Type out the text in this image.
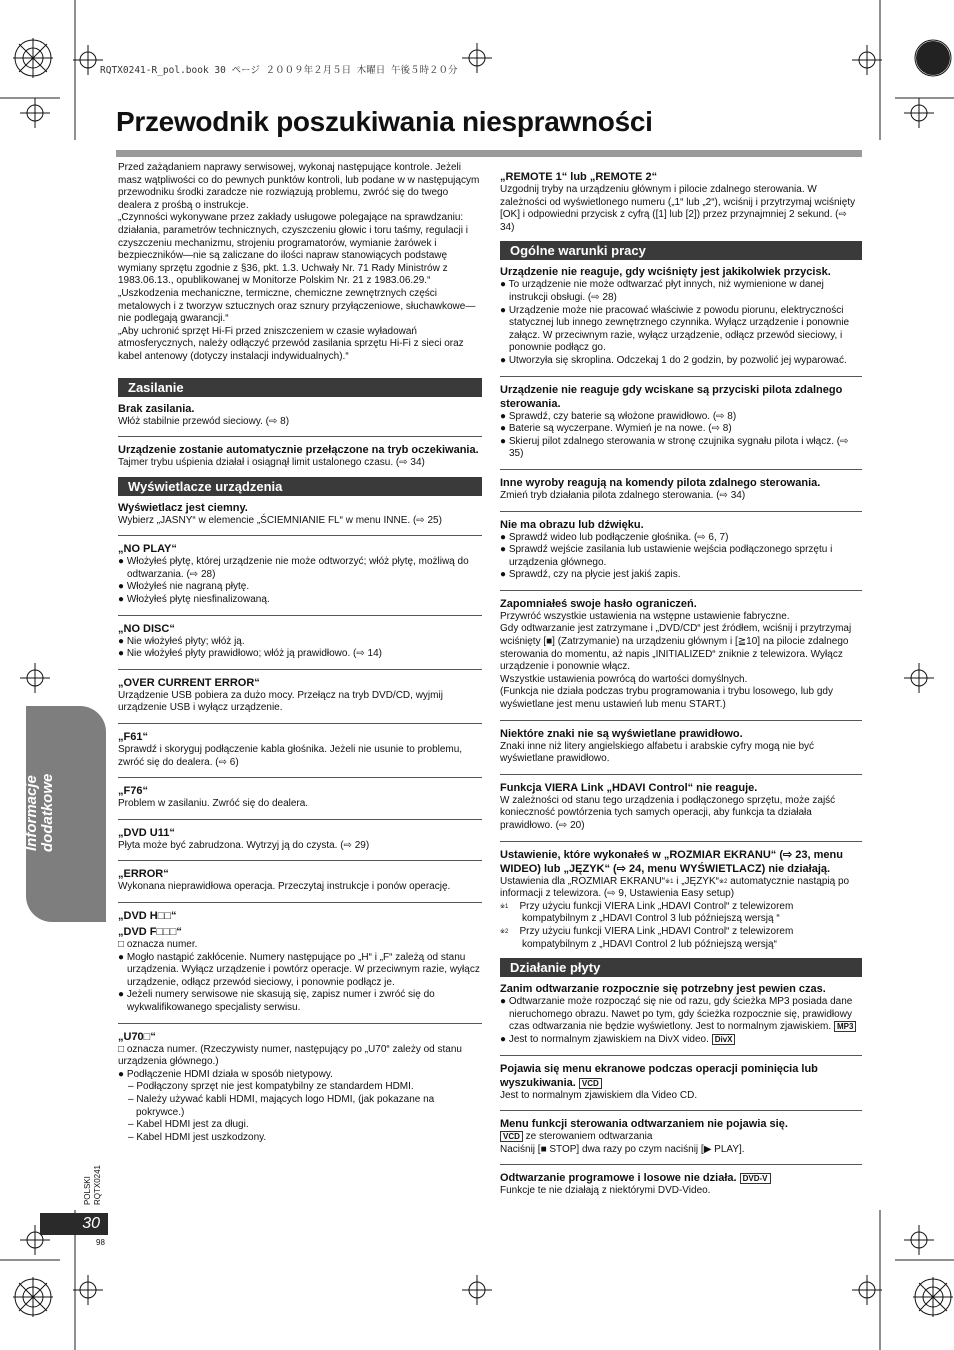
RQTX0241-R_pol.book 30 ページ ２００９年２月５日 木曜日 午後５時２０分
Przewodnik poszukiwania niesprawności
Informacje dodatkowe
POLSKI
RQTX0241
30
98

Przed zażądaniem naprawy serwisowej, wykonaj następujące kontrole. Jeżeli masz wątpliwości co do pewnych punktów kontroli, lub podane w w następującym przewodniku środki zaradcze nie rozwiązują problemu, zwróć się do twego dealera z prośbą o instrukcje.

„Czynności wykonywane przez zakłady usługowe polegające na sprawdzaniu: działania, parametrów technicznych, czyszczeniu głowic i toru taśmy, regulacji i czyszczeniu mechanizmu, strojeniu programatorów, wymianie żarówek i bezpieczników—nie są zaliczane do ilości napraw stanowiących podstawę wymiany sprzętu zgodnie z §36, pkt. 1.3. Uchwały Nr. 71 Rady Ministrów z 1983.06.13., opublikowanej w Monitorze Polskim Nr. 21 z 1983.06.29.“

„Uszkodzenia mechaniczne, termiczne, chemiczne zewnętrznych części metalowych i z tworzyw sztucznych oraz sznury przyłączeniowe, słuchawkowe—nie podlegają gwarancji.“

„Aby uchronić sprzęt Hi-Fi przed zniszczeniem w czasie wyładowań atmosferycznych, należy odłączyć przewód zasilania sprzętu Hi-Fi z sieci oraz kabel antenowy (dotyczy instalacji indywidualnych).“

Zasilanie
Brak zasilania.

Włóż stabilnie przewód sieciowy. (⇨ 8)

Urządzenie zostanie automatycznie przełączone na tryb oczekiwania.

Tajmer trybu uśpienia działał i osiągnął limit ustalonego czasu. (⇨ 34)

Wyświetlacze urządzenia
Wyświetlacz jest ciemny.

Wybierz „JASNY“ w elemencie „ŚCIEMNIANIE FL“ w menu INNE. (⇨ 25)

„NO PLAY“

● Włożyłeś płytę, której urządzenie nie może odtworzyć; włóż płytę, możliwą do odtwarzania. (⇨ 28)

● Włożyłeś nie nagraną płytę.

● Włożyłeś płytę niesfinalizowaną.

„NO DISC“

● Nie włożyłeś płyty; włóż ją.

● Nie włożyłeś płyty prawidłowo; włóż ją prawidłowo. (⇨ 14)

„OVER CURRENT ERROR“

Urządzenie USB pobiera za dużo mocy. Przełącz na tryb DVD/CD, wyjmij urządzenie USB i wyłącz urządzenie.

„F61“

Sprawdź i skoryguj podłączenie kabla głośnika. Jeżeli nie usunie to problemu, zwróć się do dealera. (⇨ 6)

„F76“

Problem w zasilaniu. Zwróć się do dealera.

„DVD U11“

Płyta może być zabrudzona. Wytrzyj ją do czysta. (⇨ 29)

„ERROR“

Wykonana nieprawidłowa operacja. Przeczytaj instrukcje i ponów operację.

„DVD H□□“
„DVD F□□□“

□ oznacza numer.

● Mogło nastąpić zakłócenie. Numery następujące po „H“ i „F“ zależą od stanu urządzenia. Wyłącz urządzenie i powtórz operacje. W przeciwnym razie, wyłącz urządzenie, odłącz przewód sieciowy, i ponownie podłącz je.

● Jeżeli numery serwisowe nie skasują się, zapisz numer i zwróć się do wykwalifikowanego specjalisty serwisu.

„U70□“

□ oznacza numer. (Rzeczywisty numer, następujący po „U70“ zależy od stanu urządzenia głównego.)

● Podłączenie HDMI działa w sposób nietypowy.

– Podłączony sprzęt nie jest kompatybilny ze standardem HDMI.

– Należy używać kabli HDMI, mających logo HDMI, (jak pokazane na pokrywce.)

– Kabel HDMI jest za długi.

– Kabel HDMI jest uszkodzony.

„REMOTE 1“ lub „REMOTE 2“

Uzgodnij tryby na urządzeniu głównym i pilocie zdalnego sterowania. W zależności od wyświetlonego numeru („1“ lub „2“), wciśnij i przytrzymaj wciśnięty [OK] i odpowiedni przycisk z cyfrą ([1] lub [2]) przez przynajmniej 2 sekund. (⇨ 34)

Ogólne warunki pracy
Urządzenie nie reaguje, gdy wciśnięty jest jakikolwiek przycisk.

● To urządzenie nie może odtwarzać płyt innych, niż wymienione w danej instrukcji obsługi. (⇨ 28)

● Urządzenie może nie pracować właściwie z powodu piorunu, elektryczności statycznej lub innego zewnętrznego czynnika. Wyłącz urządzenie i ponownie załącz. W przeciwnym razie, wyłącz urządzenie, odłącz przewód sieciowy, i ponownie podłącz go.

● Utworzyła się skroplina. Odczekaj 1 do 2 godzin, by pozwolić jej wyparować.

Urządzenie nie reaguje gdy wciskane są przyciski pilota zdalnego sterowania.

● Sprawdź, czy baterie są włożone prawidłowo. (⇨ 8)

● Baterie są wyczerpane. Wymień je na nowe. (⇨ 8)

● Skieruj pilot zdalnego sterowania w stronę czujnika sygnału pilota i włącz. (⇨ 35)

Inne wyroby reagują na komendy pilota zdalnego sterowania.

Zmień tryb działania pilota zdalnego sterowania. (⇨ 34)

Nie ma obrazu lub dźwięku.

● Sprawdź wideo lub podłączenie głośnika. (⇨ 6, 7)

● Sprawdź wejście zasilania lub ustawienie wejścia podłączonego sprzętu i urządzenia głównego.

● Sprawdź, czy na płycie jest jakiś zapis.

Zapomniałeś swoje hasło ograniczeń.

Przywróć wszystkie ustawienia na wstępne ustawienie fabryczne.

Gdy odtwarzanie jest zatrzymane i „DVD/CD“ jest źródłem, wciśnij i przytrzymaj wciśnięty [■] (Zatrzymanie) na urządzeniu głównym i [≧10] na pilocie zdalnego sterowania do momentu, aż napis „INITIALIZED“ zniknie z telewizora. Wyłącz urządzenie i ponownie włącz.

Wszystkie ustawienia powrócą do wartości domyślnych.

(Funkcja nie działa podczas trybu programowania i trybu losowego, lub gdy wyświetlane jest menu ustawień lub menu START.)

Niektóre znaki nie są wyświetlane prawidłowo.

Znaki inne niż litery angielskiego alfabetu i arabskie cyfry mogą nie być wyświetlane prawidłowo.

Funkcja VIERA Link „HDAVI Control“ nie reaguje.

W zależności od stanu tego urządzenia i podłączonego sprzętu, może zajść konieczność powtórzenia tych samych operacji, aby funkcja ta działała prawidłowo. (⇨ 20)

Ustawienie, które wykonałeś w „ROZMIAR EKRANU“ (⇨ 23, menu WIDEO) lub „JĘZYK“ (⇨ 24, menu WYŚWIETLACZ) nie działają.

Ustawienia dla „ROZMIAR EKRANU“$^{※1}$ i „JĘZYK“$^{※2}$ automatycznie nastąpią po informacji z telewizora. (⇨ 9, Ustawienia Easy setup)

$^{※1}$ Przy użyciu funkcji VIERA Link „HDAVI Control“ z telewizorem kompatybilnym z „HDAVI Control 3 lub późniejszą wersją “

$^{※2}$ Przy użyciu funkcji VIERA Link „HDAVI Control“ z telewizorem kompatybilnym z „HDAVI Control 2 lub późniejszą wersją“

Działanie płyty
Zanim odtwarzanie rozpocznie się potrzebny jest pewien czas.

● Odtwarzanie może rozpocząć się nie od razu, gdy ścieżka MP3 posiada dane nieruchomego obrazu. Nawet po tym, gdy ścieżka rozpocznie się, prawidłowy czas odtwarzania nie będzie wyświetlony. Jest to normalnym zjawiskiem. MP3

● Jest to normalnym zjawiskiem na DivX video. DivX

Pojawia się menu ekranowe podczas operacji pominięcia lub wyszukiwania. VCD

Jest to normalnym zjawiskiem dla Video CD.

Menu funkcji sterowania odtwarzaniem nie pojawia się.

VCD ze sterowaniem odtwarzania

Naciśnij [■ STOP] dwa razy po czym naciśnij [▶ PLAY].

Odtwarzanie programowe i losowe nie działa. DVD-V

Funkcje te nie działają z niektórymi DVD-Video.
